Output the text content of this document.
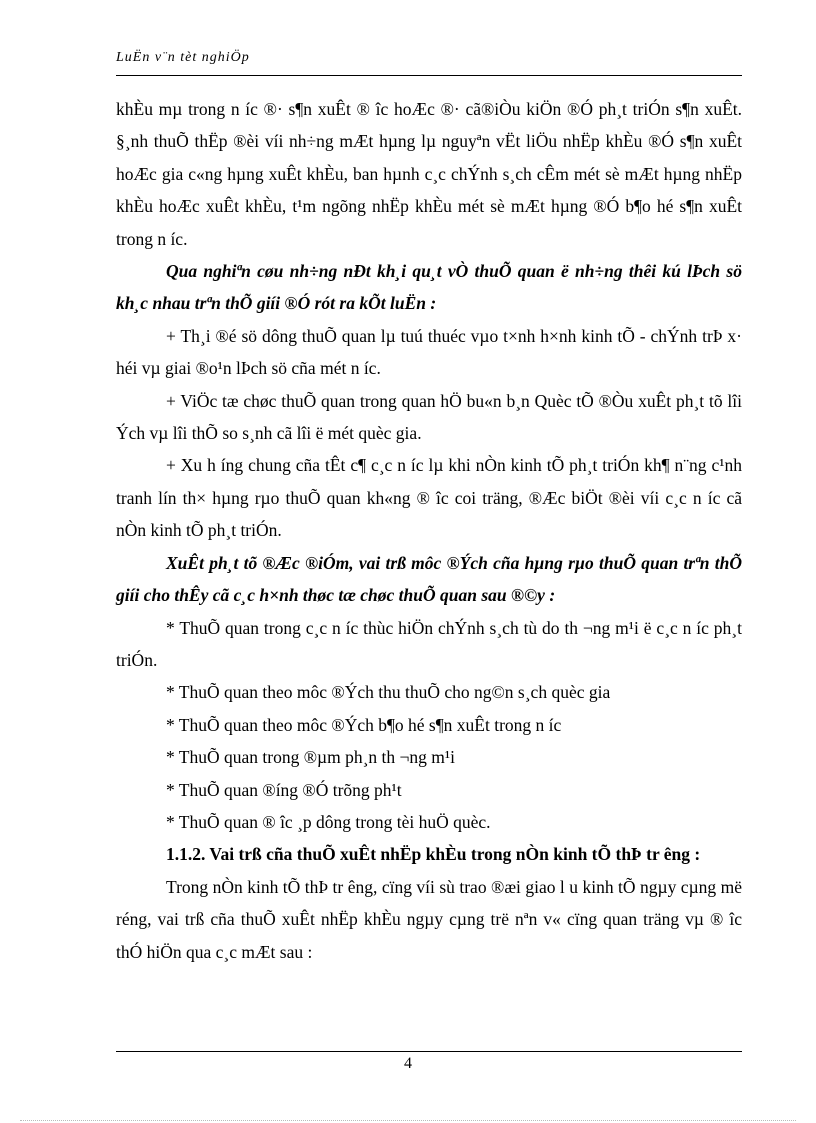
LuËn v¨n tèt nghiÖp

khÈu mµ trong n íc ®· s¶n xuÊt ® îc hoÆc ®· cã®iÒu kiÖn ®Ó ph¸t triÓn s¶n xuÊt. §¸nh thuÕ thËp ®èi víi nh÷ng mÆt hµng lµ nguyªn vËt liÖu nhËp khÈu ®Ó s¶n xuÊt hoÆc gia c«ng hµng xuÊt khÈu, ban hµnh c¸c chÝnh s¸ch cÊm mét sè mÆt hµng nhËp khÈu hoÆc xuÊt khÈu, t¹m ngõng nhËp khÈu mét sè mÆt hµng ®Ó b¶o hé s¶n xuÊt trong n íc.

Qua nghiªn cøu nh÷ng nÐt kh¸i qu¸t vÒ thuÕ quan ë nh÷ng thêi kú lÞch sö kh¸c nhau trªn thÕ giíi ®Ó rót ra kÕt luËn :

+ Th¸i ®é sö dông thuÕ quan lµ tuú thuéc vµo t×nh h×nh kinh tÕ - chÝnh trÞ x· héi vµ giai ®o¹n lÞch sö cña mét n íc.

+ ViÖc tæ chøc thuÕ quan trong quan hÖ bu«n b¸n Quèc tÕ ®Òu xuÊt ph¸t tõ lîi Ých vµ lîi thÕ so s¸nh cã lîi ë mét quèc gia.

+ Xu h íng chung cña tÊt c¶ c¸c n íc lµ khi nÒn kinh tÕ ph¸t triÓn kh¶ n¨ng c¹nh tranh lín th× hµng rµo thuÕ quan kh«ng ® îc coi träng, ®Æc biÖt ®èi víi c¸c n íc cã nÒn kinh tÕ ph¸t triÓn.

XuÊt ph¸t tõ ®Æc ®iÓm, vai trß môc ®Ých cña hµng rµo thuÕ quan trªn thÕ giíi cho thÊy cã c¸c h×nh thøc tæ chøc thuÕ quan sau ®©y :

* ThuÕ quan trong c¸c n íc thùc hiÖn chÝnh s¸ch tù do th ¬ng m¹i ë c¸c n íc ph¸t triÓn.

* ThuÕ quan theo môc ®Ých thu thuÕ cho ng©n s¸ch quèc gia

* ThuÕ quan theo môc ®Ých b¶o hé s¶n xuÊt trong n íc

* ThuÕ quan trong ®µm ph¸n th ¬ng m¹i

* ThuÕ quan ®íng ®Ó trõng ph¹t

* ThuÕ quan ® îc ¸p dông trong tèi huÖ quèc.

1.1.2. Vai trß cña thuÕ xuÊt nhËp khÈu trong nÒn kinh tÕ thÞ tr êng :

Trong nÒn kinh tÕ thÞ tr êng, cïng víi sù trao ®æi giao l u kinh tÕ ngµy cµng më réng, vai trß cña thuÕ xuÊt nhËp khÈu ngµy cµng trë nªn v« cïng quan träng vµ ® îc thÓ hiÖn qua c¸c mÆt sau :

4
